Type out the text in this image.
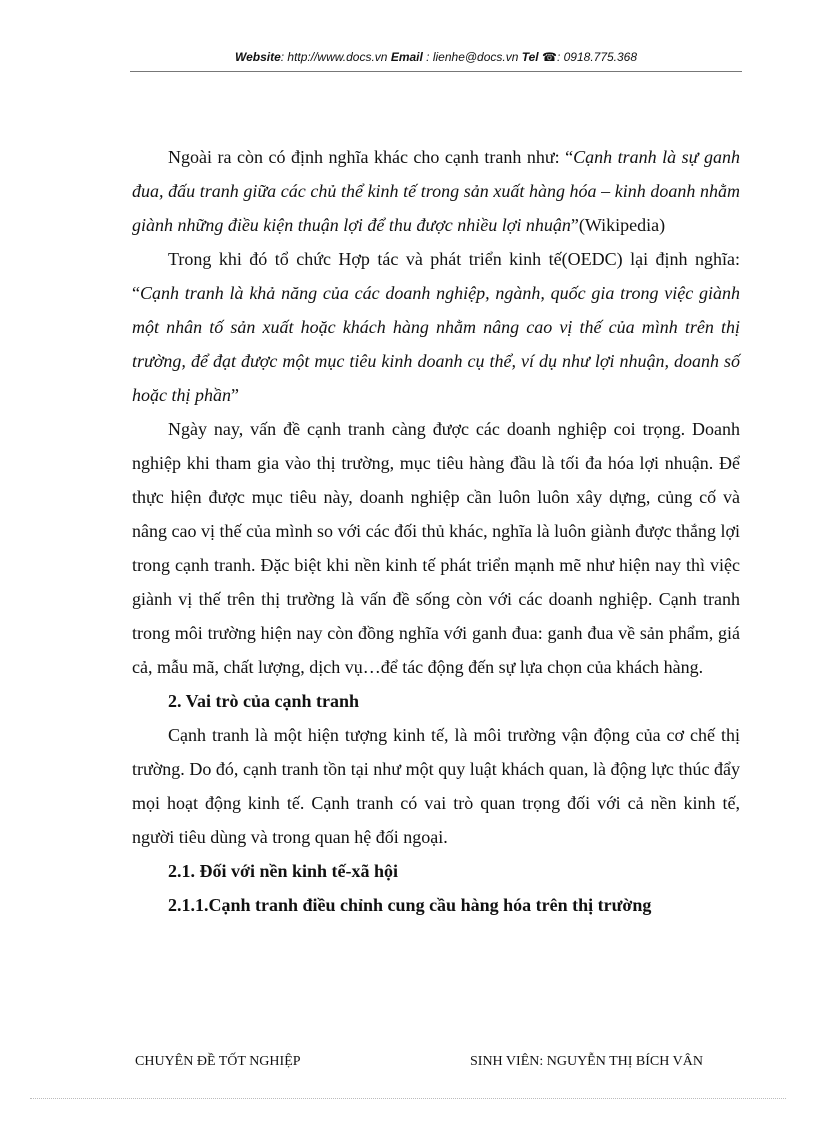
Website: http://www.docs.vn Email : lienhe@docs.vn Tel ☎: 0918.775.368

Ngoài ra còn có định nghĩa khác cho cạnh tranh như: “Cạnh tranh là sự ganh đua, đấu tranh giữa các chủ thể kinh tế trong sản xuất hàng hóa – kinh doanh nhằm giành những điều kiện thuận lợi để thu được nhiều lợi nhuận”(Wikipedia)

Trong khi đó tổ chức Hợp tác và phát triển kinh tế(OEDC) lại định nghĩa: “Cạnh tranh là khả năng của các doanh nghiệp, ngành, quốc gia trong việc giành một nhân tố sản xuất hoặc khách hàng nhằm nâng cao vị thế của mình trên thị trường, để đạt được một mục tiêu kinh doanh cụ thể, ví dụ như lợi nhuận, doanh số hoặc thị phần”

Ngày nay, vấn đề cạnh tranh càng được các doanh nghiệp coi trọng. Doanh nghiệp khi tham gia vào thị trường, mục tiêu hàng đầu là tối đa hóa lợi nhuận. Để thực hiện được mục tiêu này, doanh nghiệp cần luôn luôn xây dựng, củng cố và nâng cao vị thế của mình so với các đối thủ khác, nghĩa là luôn giành được thắng lợi trong cạnh tranh. Đặc biệt khi nền kinh tế phát triển mạnh mẽ như hiện nay thì việc giành vị thế trên thị trường là vấn đề sống còn với các doanh nghiệp. Cạnh tranh trong môi trường hiện nay còn đồng nghĩa với ganh đua: ganh đua về sản phẩm, giá cả, mẫu mã, chất lượng, dịch vụ…để tác động đến sự lựa chọn của khách hàng.

2. Vai trò của cạnh tranh

Cạnh tranh là một hiện tượng kinh tế, là môi trường vận động của cơ chế thị trường. Do đó, cạnh tranh tồn tại như một quy luật khách quan, là động lực thúc đẩy mọi hoạt động kinh tế. Cạnh tranh có vai trò quan trọng đối với cả nền kinh tế, người tiêu dùng và trong quan hệ đối ngoại.

2.1. Đối với nền kinh tế-xã hội

2.1.1.Cạnh tranh điều chỉnh cung cầu hàng hóa trên thị trường

CHUYÊN ĐỀ TỐT NGHIỆP	SINH VIÊN: NGUYỄN THỊ BÍCH VÂN
